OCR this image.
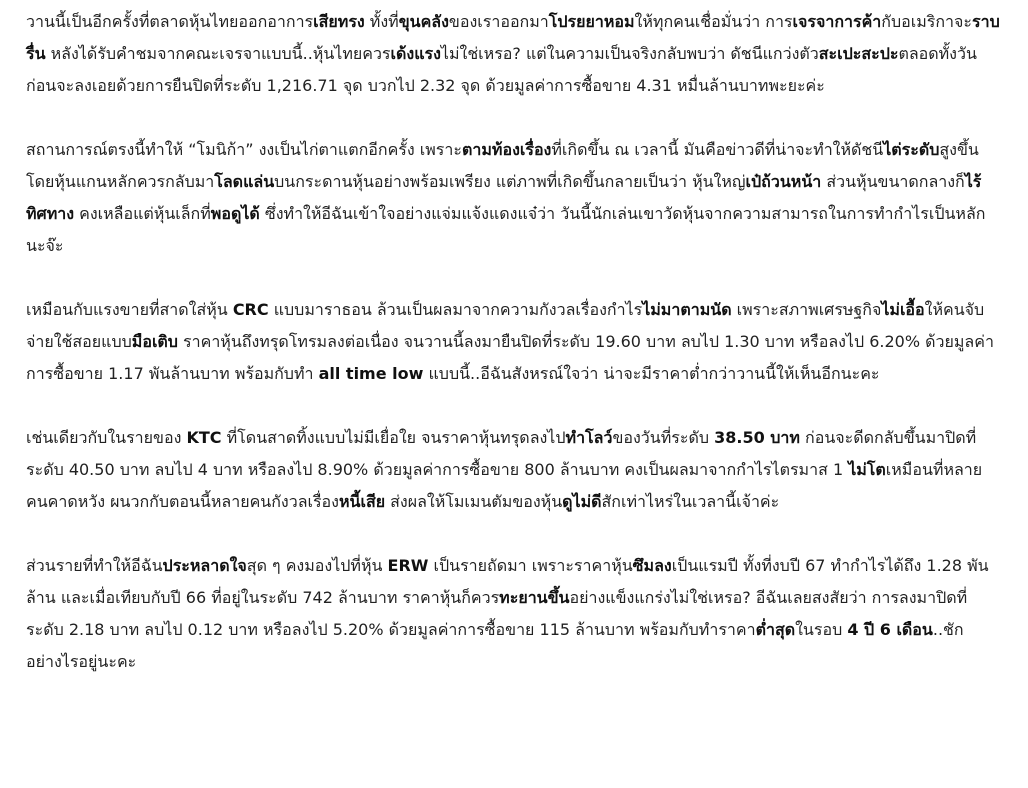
วานนี้เป็นอีกครั้งที่ตลาดหุ้นไทยออกอาการเสียทรง ทั้งที่ขุนคลังของเราออกมาโปรยยาหอมให้ทุกคนเชื่อมั่นว่า การเจรจาการค้ากับอเมริกาจะราบรื่น หลังได้รับคำชมจากคณะเจรจาแบบนี้..หุ้นไทยควรเด้งแรงไม่ใช่เหรอ? แต่ในความเป็นจริงกลับพบว่า ดัชนีแกว่งตัวสะเปะสะปะตลอดทั้งวัน ก่อนจะลงเอยด้วยการยืนปิดที่ระดับ 1,216.71 จุด บวกไป 2.32 จุด ด้วยมูลค่าการซื้อขาย 4.31 หมื่นล้านบาทพะยะค่ะ

สถานการณ์ตรงนี้ทำให้ “โมนิก้า” งงเป็นไก่ตาแตกอีกครั้ง เพราะตามท้องเรื่องที่เกิดขึ้น ณ เวลานี้ มันคือข่าวดีที่น่าจะทำให้ดัชนีไต่ระดับสูงขึ้น โดยหุ้นแกนหลักควรกลับมาโลดแล่นบนกระดานหุ้นอย่างพร้อมเพรียง แต่ภาพที่เกิดขึ้นกลายเป็นว่า หุ้นใหญ่เป๋ถ้วนหน้า ส่วนหุ้นขนาดกลางก็ไร้ทิศทาง คงเหลือแต่หุ้นเล็กที่พอดูได้ ซึ่งทำให้อีฉันเข้าใจอย่างแจ่มแจ้งแดงแจ๋ว่า วันนี้นักเล่นเขาวัดหุ้นจากความสามารถในการทำกำไรเป็นหลักนะจ๊ะ

เหมือนกับแรงขายที่สาดใส่หุ้น CRC แบบมาราธอน ล้วนเป็นผลมาจากความกังวลเรื่องกำไรไม่มาตามนัด เพราะสภาพเศรษฐกิจไม่เอื้อให้คนจับจ่ายใช้สอยแบบมือเติบ ราคาหุ้นถึงทรุดโทรมลงต่อเนื่อง จนวานนี้ลงมายืนปิดที่ระดับ 19.60 บาท ลบไป 1.30 บาท หรือลงไป 6.20% ด้วยมูลค่าการซื้อขาย 1.17 พันล้านบาท พร้อมกับทำ all time low แบบนี้..อีฉันสังหรณ์ใจว่า น่าจะมีราคาต่ำกว่าวานนี้ให้เห็นอีกนะคะ

เช่นเดียวกับในรายของ KTC ที่โดนสาดทิ้งแบบไม่มีเยื่อใย จนราคาหุ้นทรุดลงไปทำโลว์ของวันที่ระดับ 38.50 บาท ก่อนจะดีดกลับขึ้นมาปิดที่ระดับ 40.50 บาท ลบไป 4 บาท หรือลงไป 8.90% ด้วยมูลค่าการซื้อขาย 800 ล้านบาท คงเป็นผลมาจากกำไรไตรมาส 1 ไม่โตเหมือนที่หลายคนคาดหวัง ผนวกกับตอนนี้หลายคนกังวลเรื่องหนี้เสีย ส่งผลให้โมเมนตัมของหุ้นดูไม่ดีสักเท่าไหร่ในเวลานี้เจ้าค่ะ

ส่วนรายที่ทำให้อีฉันประหลาดใจสุด ๆ คงมองไปที่หุ้น ERW เป็นรายถัดมา เพราะราคาหุ้นซึมลงเป็นแรมปี ทั้งที่งบปี 67 ทำกำไรได้ถึง 1.28 พันล้าน และเมื่อเทียบกับปี 66 ที่อยู่ในระดับ 742 ล้านบาท ราคาหุ้นก็ควรทะยานขึ้นอย่างแข็งแกร่งไม่ใช่เหรอ? อีฉันเลยสงสัยว่า การลงมาปิดที่ระดับ 2.18 บาท ลบไป 0.12 บาท หรือลงไป 5.20% ด้วยมูลค่าการซื้อขาย 115 ล้านบาท พร้อมกับทำราคาต่ำสุดในรอบ 4 ปี 6 เดือน..ชักอย่างไรอยู่นะคะ
